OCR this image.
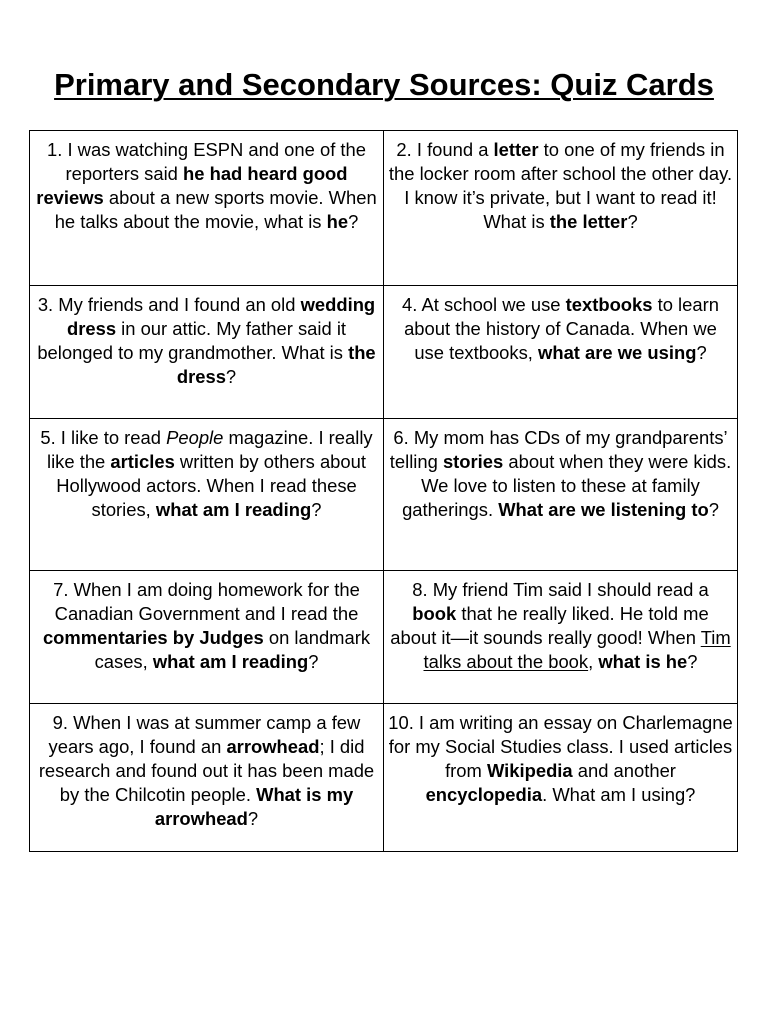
Primary and Secondary Sources: Quiz Cards
1. I was watching ESPN and one of the reporters said he had heard good reviews about a new sports movie. When he talks about the movie, what is he?	2. I found a letter to one of my friends in the locker room after school the other day. I know it’s private, but I want to read it! What is the letter?
3. My friends and I found an old wedding dress in our attic. My father said it belonged to my grandmother. What is the dress?	4. At school we use textbooks to learn about the history of Canada. When we use textbooks, what are we using?
5. I like to read People magazine. I really like the articles written by others about Hollywood actors. When I read these stories, what am I reading?	6. My mom has CDs of my grandparents’ telling stories about when they were kids. We love to listen to these at family gatherings. What are we listening to?
7. When I am doing homework for the Canadian Government and I read the commentaries by Judges on landmark cases, what am I reading?	8. My friend Tim said I should read a book that he really liked. He told me about it—it sounds really good! When Tim talks about the book, what is he?
9. When I was at summer camp a few years ago, I found an arrowhead; I did research and found out it has been made by the Chilcotin people. What is my arrowhead?	10. I am writing an essay on Charlemagne for my Social Studies class. I used articles from Wikipedia and another encyclopedia. What am I using?
